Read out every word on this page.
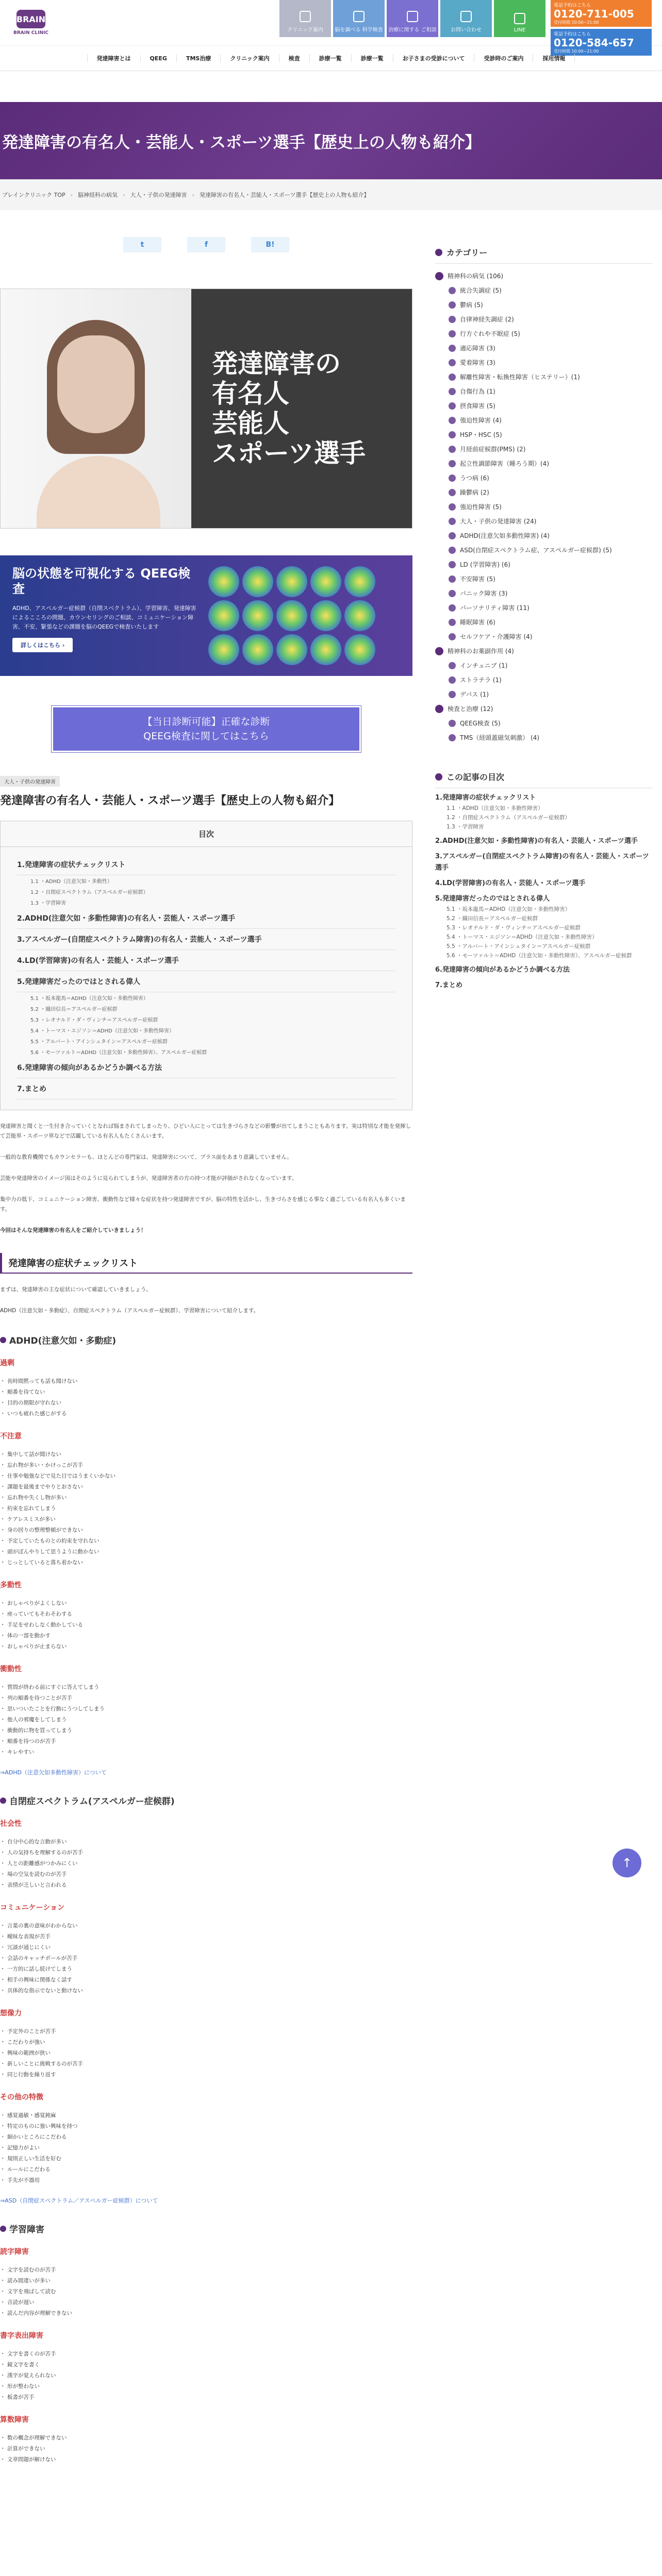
BRAIN
BRAIN CLINIC	クリニック案内 脳を調べる 科学検査 治療に関する ご相談	お問い合わせ	LINE
電話予約はこちら
0120-711-005
受付時間 10:00~21:00
電話予約はこちら
0120-584-657
受付時間 10:00~21:00
発達障害とは	QEEG	TMS治療	クリニック案内	検査	診療一覧	診療一覧	お子さまの受診について	受診時のご案内	採用情報
発達障害の有名人・芸能人・スポーツ選手【歴史上の人物も紹介】
ブレインクリニック TOP › 脳神経科の病気 › 大人・子供の発達障害 › 発達障害の有名人・芸能人・スポーツ選手【歴史上の人物も紹介】
t	f	B!

発達障害の
有名人
芸能人
スポーツ選手

脳の状態を可視化する QEEG検査
ADHD、アスペルガー症候群（自閉スペクトラム）、学習障害、発達障害によるこころの問題、カウンセリングのご相談、コミュニケーション障害、不安、緊張などの課題を脳のQEEGで検査いたします
詳しくはこちら ›
【当日診断可能】正確な診断
QEEG検査に関してはこちら
大人・子供の発達障害
発達障害の有名人・芸能人・スポーツ選手【歴史上の人物も紹介】
目次
1.発達障害の症状チェックリスト
1.1 ・ADHD（注意欠如・多動性）
1.2 ・自閉症スペクトラム（アスペルガー症候群）
1.3 ・学習障害
2.ADHD(注意欠如・多動性障害)の有名人・芸能人・スポーツ選手
3.アスペルガー(自閉症スペクトラム障害)の有名人・芸能人・スポーツ選手
4.LD(学習障害)の有名人・芸能人・スポーツ選手
5.発達障害だったのではとされる偉人
5.1 ・坂本龍馬＝ADHD（注意欠如・多動性障害）
5.2 ・織田信長＝アスペルガー症候群
5.3 ・レオナルド・ダ・ヴィンチ＝アスペルガー症候群
5.4 ・トーマス・エジソン＝ADHD（注意欠如・多動性障害）
5.5 ・アルバート・アインシュタイン＝アスペルガー症候群
5.6 ・モーツァルト＝ADHD（注意欠如・多動性障害）、アスペルガー症候群
6.発達障害の傾向があるかどうか調べる方法
7.まとめ

発達障害と聞くと一生付き合っていくとなれば悩まされてしまったり、ひどい人にとっては生きづらさなどの影響が出てしまうこともあります。実は特別な才能を発揮して芸能界・スポーツ界などで活躍している有名人もたくさんいます。

一般的な教育機関でもカウンセラーも、ほとんどの専門家は、発達障害について、プラス面をあまり意識していません。

芸能や発達障害のイメージ図はそのように見られてしまうが、発達障害者の方の持つ才能が評価がされなくなっています。

集中力の低下、コミュニケーション障害、衝動性など様々な症状を持つ発達障害ですが、脳の特性を活かし、生きづらさを感じる事なく過ごしている有名人も多くいます。

今回はそんな発達障害の有名人をご紹介していきましょう！

発達障害の症状チェックリスト

まずは、発達障害の主な症状について確認していきましょう。

ADHD（注意欠如・多動症）、自閉症スペクトラム（アスペルガー症候群）、学習障害について紹介します。

ADHD(注意欠如・多動症)
過剰
・ 長時間黙っても話も聞けない
・ 順番を待てない
・ 目的の期限が守れない
・ いつも疲れた感じがする
不注意
・ 集中して話が聞けない
・ 忘れ物が多い・かけっこが苦手
・ 仕事や勉強などで見た目ではうまくいかない
・ 課題を最後までやりとおさない
・ 忘れ物や失くし物が多い
・ 約束を忘れてしまう
・ ケアレスミスが多い
・ 身の回りの整理整頓ができない
・ 予定していたものとの約束を守れない
・ 頭がぼんやりして思うように動かない
・ じっとしていると落ち着かない
多動性
・ おしゃべりがよくしない
・ 座っていてもそわそわする
・ 手足をせわしなく動かしている
・ 体の一部を動かす
・ おしゃべりが止まらない
衝動性
・ 質問が終わる前にすぐに答えてしまう
・ 列の順番を待つことが苦手
・ 思いついたことを行動にうつしてしまう
・ 他人の邪魔をしてしまう
・ 衝動的に物を買ってしまう
・ 順番を待つのが苦手
・ キレやすい
⇒ADHD（注意欠如多動性障害）について
自閉症スペクトラム(アスペルガー症候群)
社会性
・ 自分中心的な言動が多い
・ 人の気持ちを理解するのが苦手
・ 人との距離感がつかみにくい
・ 場の空気を読むのが苦手
・ 表情が乏しいと言われる
コミュニケーション
・ 言葉の裏の意味がわからない
・ 曖昧な表現が苦手
・ 冗談が通じにくい
・ 会話のキャッチボールが苦手
・ 一方的に話し続けてしまう
・ 相手の興味に関係なく話す
・ 具体的な指示でないと動けない
想像力
・ 予定外のことが苦手
・ こだわりが強い
・ 興味の範囲が狭い
・ 新しいことに挑戦するのが苦手
・ 同じ行動を繰り返す
その他の特徴
・ 感覚過敏・感覚鈍麻
・ 特定のものに強い興味を持つ
・ 細かいところにこだわる
・ 記憶力がよい
・ 規則正しい生活を好む
・ ルールにこだわる
・ 手先が不器用
⇒ASD（自閉症スペクトラム／アスペルガー症候群）について
学習障害
読字障害
・ 文字を読むのが苦手
・ 読み間違いが多い
・ 文字を飛ばして読む
・ 音読が遅い
・ 読んだ内容が理解できない
書字表出障害
・ 文字を書くのが苦手
・ 鏡文字を書く
・ 漢字が覚えられない
・ 形が整わない
・ 板書が苦手
算数障害
・ 数の概念が理解できない
・ 計算ができない
・ 文章問題が解けない
カテゴリー
精神科の病気 (106)
統合失調症 (5)
鬱病 (5)
自律神経失調症 (2)
行方ぐれや不眠症 (5)
適応障害 (3)
愛着障害 (3)
解離性障害・転換性障害（ヒステリー）(1)
自傷行為 (1)
摂食障害 (5)
強迫性障害 (4)
HSP・HSC (5)
月経前症候群(PMS) (2)
起立性調節障害（睡ろう期）(4)
うつ病 (6)
躁鬱病 (2)
強迫性障害 (5)
大人・子供の発達障害 (24)
ADHD(注意欠如多動性障害) (4)
ASD(自閉症スペクトラム症、アスペルガー症候群) (5)
LD (学習障害) (6)
不安障害 (5)
パニック障害 (3)
パーソナリティ障害 (11)
睡眠障害 (6)
セルフケア・介護障害 (4)
精神科のお薬副作用 (4)
インチュニブ (1)
ストラテラ (1)
デパス (1)
検査と治療 (12)
QEEG検査 (5)
TMS（経頭蓋磁気刺激） (4)
この記事の目次
1.発達障害の症状チェックリスト
1.1 ・ADHD（注意欠如・多動性障害）
1.2 ・自閉症スペクトラム（アスペルガー症候群）
1.3 ・学習障害
2.ADHD(注意欠如・多動性障害)の有名人・芸能人・スポーツ選手
3.アスペルガー(自閉症スペクトラム障害)の有名人・芸能人・スポーツ選手
4.LD(学習障害)の有名人・芸能人・スポーツ選手
5.発達障害だったのではとされる偉人
5.1 ・坂本龍馬＝ADHD（注意欠如・多動性障害）
5.2 ・織田信長＝アスペルガー症候群
5.3 ・レオナルド・ダ・ヴィンチ＝アスペルガー症候群
5.4 ・トーマス・エジソン＝ADHD（注意欠如・多動性障害）
5.5 ・アルバート・アインシュタイン＝アスペルガー症候群
5.6 ・モーツァルト＝ADHD（注意欠如・多動性障害）、アスペルガー症候群
6.発達障害の傾向があるかどうか調べる方法
7.まとめ
↑
